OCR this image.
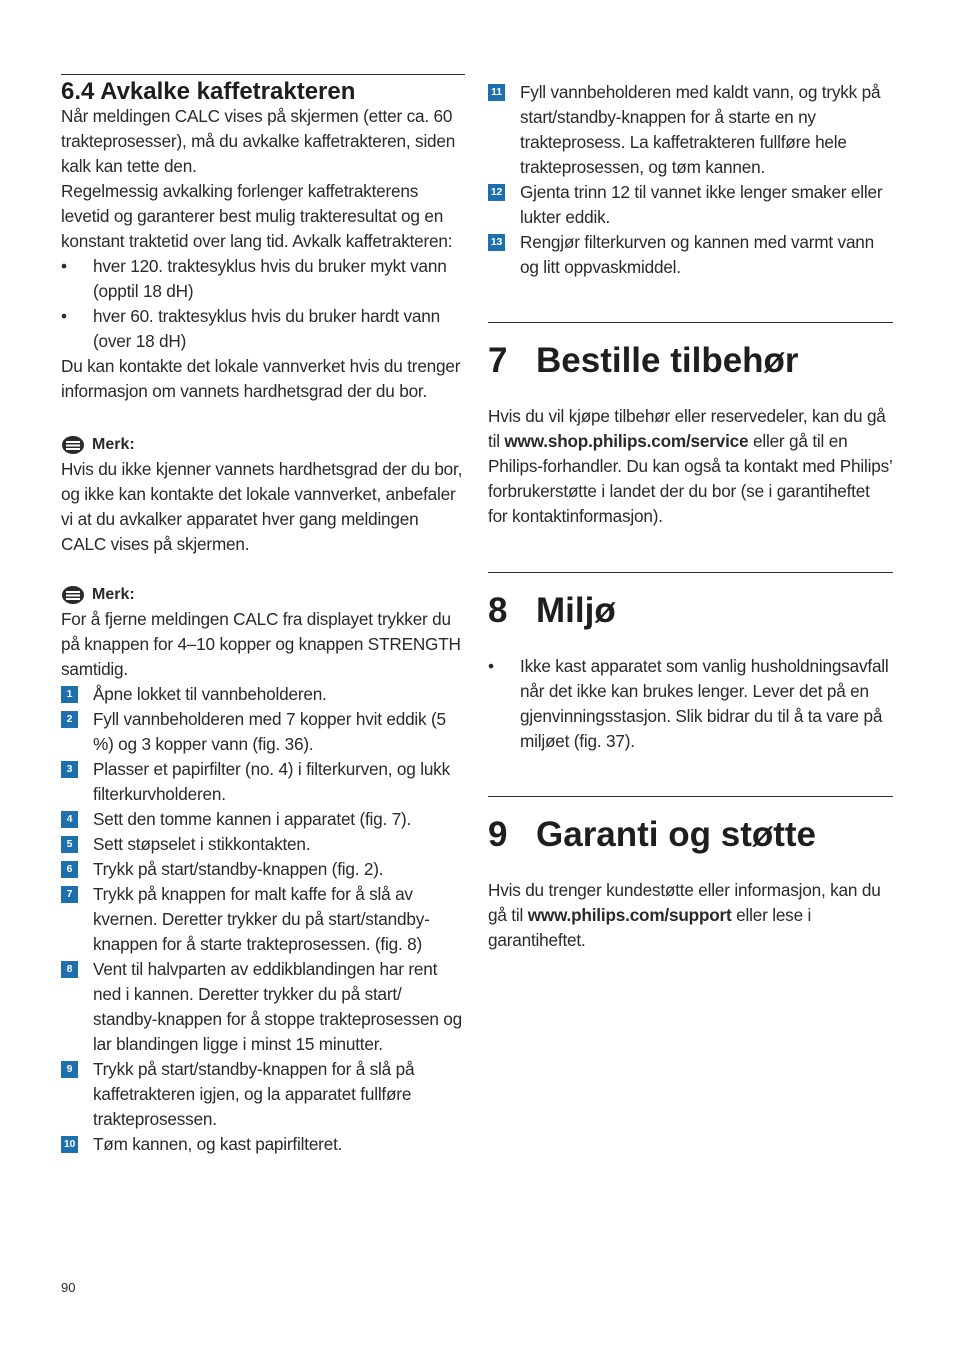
6.4 Avkalke kaffetrakteren

Når meldingen CALC vises på skjermen (etter ca. 60 trakteprosesser), må du avkalke kaffetrakteren, siden kalk kan tette den.

Regelmessig avkalking forlenger kaffetrakterens levetid og garanterer best mulig trakteresultat og en konstant traktetid over lang tid. Avkalk kaffetrakteren:

•	hver 120. traktesyklus hvis du bruker mykt vann (opptil 18 dH)
•	hver 60. traktesyklus hvis du bruker hardt vann (over 18 dH)

Du kan kontakte det lokale vannverket hvis du trenger informasjon om vannets hardhetsgrad der du bor.

Merk:

Hvis du ikke kjenner vannets hardhetsgrad der du bor, og ikke kan kontakte det lokale vannverket, anbefaler vi at du avkalker apparatet hver gang meldingen CALC vises på skjermen.

Merk:

For å fjerne meldingen CALC fra displayet trykker du på knappen for 4–10 kopper og knappen STRENGTH samtidig.

1	Åpne lokket til vannbeholderen.
2	Fyll vannbeholderen med 7 kopper hvit eddik (5 %) og 3 kopper vann (fig. 36).
3	Plasser et papirfilter (no. 4) i filterkurven, og lukk filterkurvholderen.
4	Sett den tomme kannen i apparatet (fig. 7).
5	Sett støpselet i stikkontakten.
6	Trykk på start/standby-knappen (fig. 2).
7	Trykk på knappen for malt kaffe for å slå av kvernen. Deretter trykker du på start/standby-knappen for å starte trakteprosessen. (fig. 8)
8	Vent til halvparten av eddikblandingen har rent ned i kannen. Deretter trykker du på start/ standby-knappen for å stoppe trakteprosessen og lar blandingen ligge i minst 15 minutter.
9	Trykk på start/standby-knappen for å slå på kaffetrakteren igjen, og la apparatet fullføre trakteprosessen.
10 Tøm kannen, og kast papirfilteret.
11 Fyll vannbeholderen med kaldt vann, og trykk på start/standby-knappen for å starte en ny trakteprosess. La kaffetrakteren fullføre hele trakteprosessen, og tøm kannen.
12 Gjenta trinn 12 til vannet ikke lenger smaker eller lukter eddik.
13 Rengjør filterkurven og kannen med varmt vann og litt oppvaskmiddel.
7 Bestille tilbehør

Hvis du vil kjøpe tilbehør eller reservedeler, kan du gå til www.shop.philips.com/service eller gå til en Philips-forhandler. Du kan også ta kontakt med Philips’ forbrukerstøtte i landet der du bor (se i garantiheftet for kontaktinformasjon).

8 Miljø
•	Ikke kast apparatet som vanlig husholdningsavfall når det ikke kan brukes lenger. Lever det på en gjenvinningsstasjon. Slik bidrar du til å ta vare på miljøet (fig. 37).
9 Garanti og støtte

Hvis du trenger kundestøtte eller informasjon, kan du gå til www.philips.com/support eller lese i garantiheftet.

90
